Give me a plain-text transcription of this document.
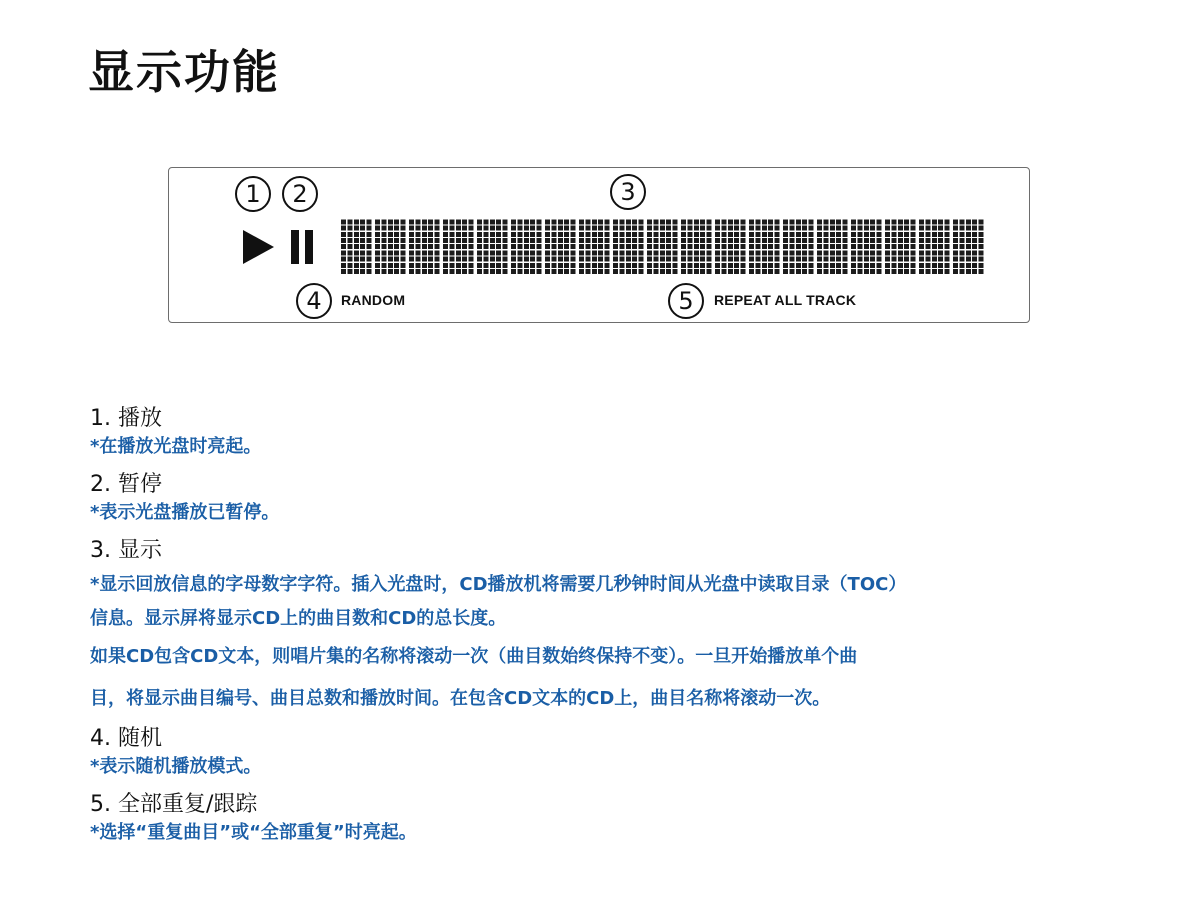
显示功能
1	2	3
4	5
RANDOM	REPEAT ALL TRACK

1. 播放

*在播放光盘时亮起。

2. 暂停

*表示光盘播放已暂停。

3. 显示

*显示回放信息的字母数字字符。插入光盘时，CD播放机将需要几秒钟时间从光盘中读取目录（TOC）

信息。显示屏将显示CD上的曲目数和CD的总长度。

如果CD包含CD文本，则唱片集的名称将滚动一次（曲目数始终保持不变）。一旦开始播放单个曲

目，将显示曲目编号、曲目总数和播放时间。在包含CD文本的CD上，曲目名称将滚动一次。

4. 随机

*表示随机播放模式。

5. 全部重复/跟踪

*选择“重复曲目”或“全部重复”时亮起。
